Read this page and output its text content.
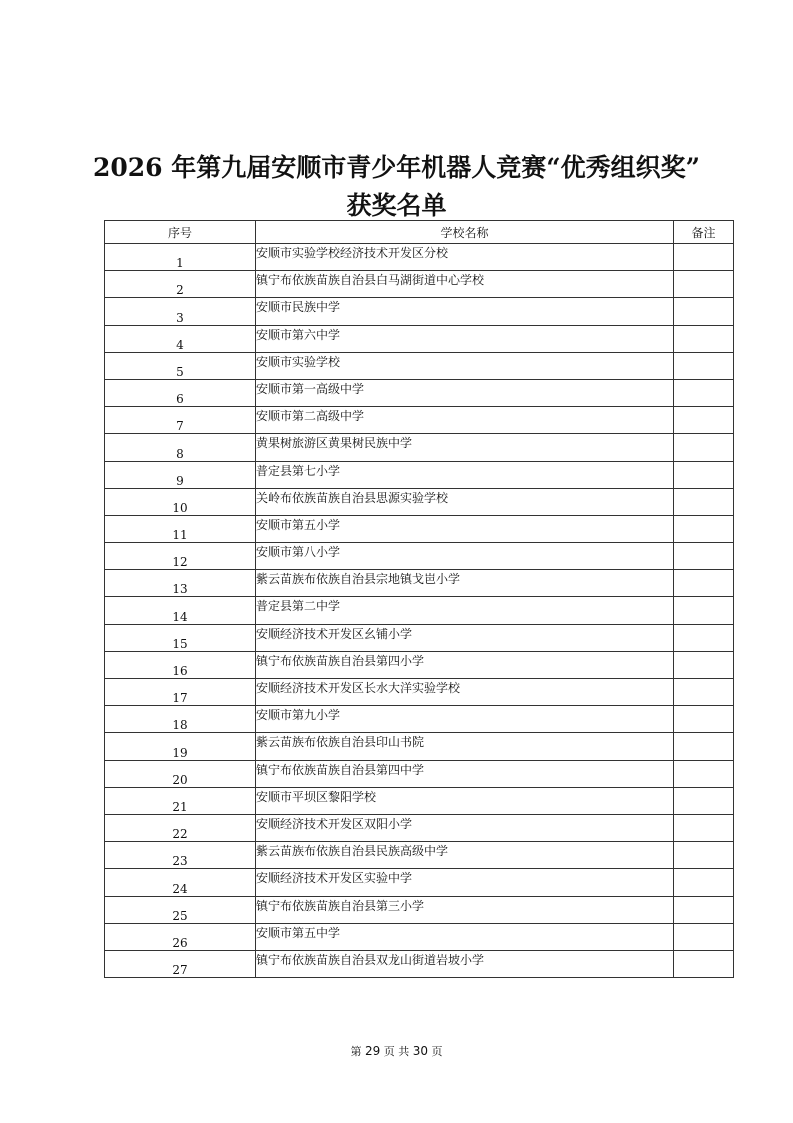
2026 年第九届安顺市青少年机器人竞赛“优秀组织奖”
获奖名单
序号	学校名称	备注
1	安顺市实验学校经济技术开发区分校	
2	镇宁布依族苗族自治县白马湖街道中心学校	
3	安顺市民族中学	
4	安顺市第六中学	
5	安顺市实验学校	
6	安顺市第一高级中学	
7	安顺市第二高级中学	
8	黄果树旅游区黄果树民族中学	
9	普定县第七小学	
10	关岭布依族苗族自治县思源实验学校	
11	安顺市第五小学	
12	安顺市第八小学	
13	紫云苗族布依族自治县宗地镇戈岜小学	
14	普定县第二中学	
15	安顺经济技术开发区幺铺小学	
16	镇宁布依族苗族自治县第四小学	
17	安顺经济技术开发区长水大洋实验学校	
18	安顺市第九小学	
19	紫云苗族布依族自治县印山书院	
20	镇宁布依族苗族自治县第四中学	
21	安顺市平坝区黎阳学校	
22	安顺经济技术开发区双阳小学	
23	紫云苗族布依族自治县民族高级中学	
24	安顺经济技术开发区实验中学	
25	镇宁布依族苗族自治县第三小学	
26	安顺市第五中学	
27	镇宁布依族苗族自治县双龙山街道岩坡小学	
第 29 页 共 30 页
